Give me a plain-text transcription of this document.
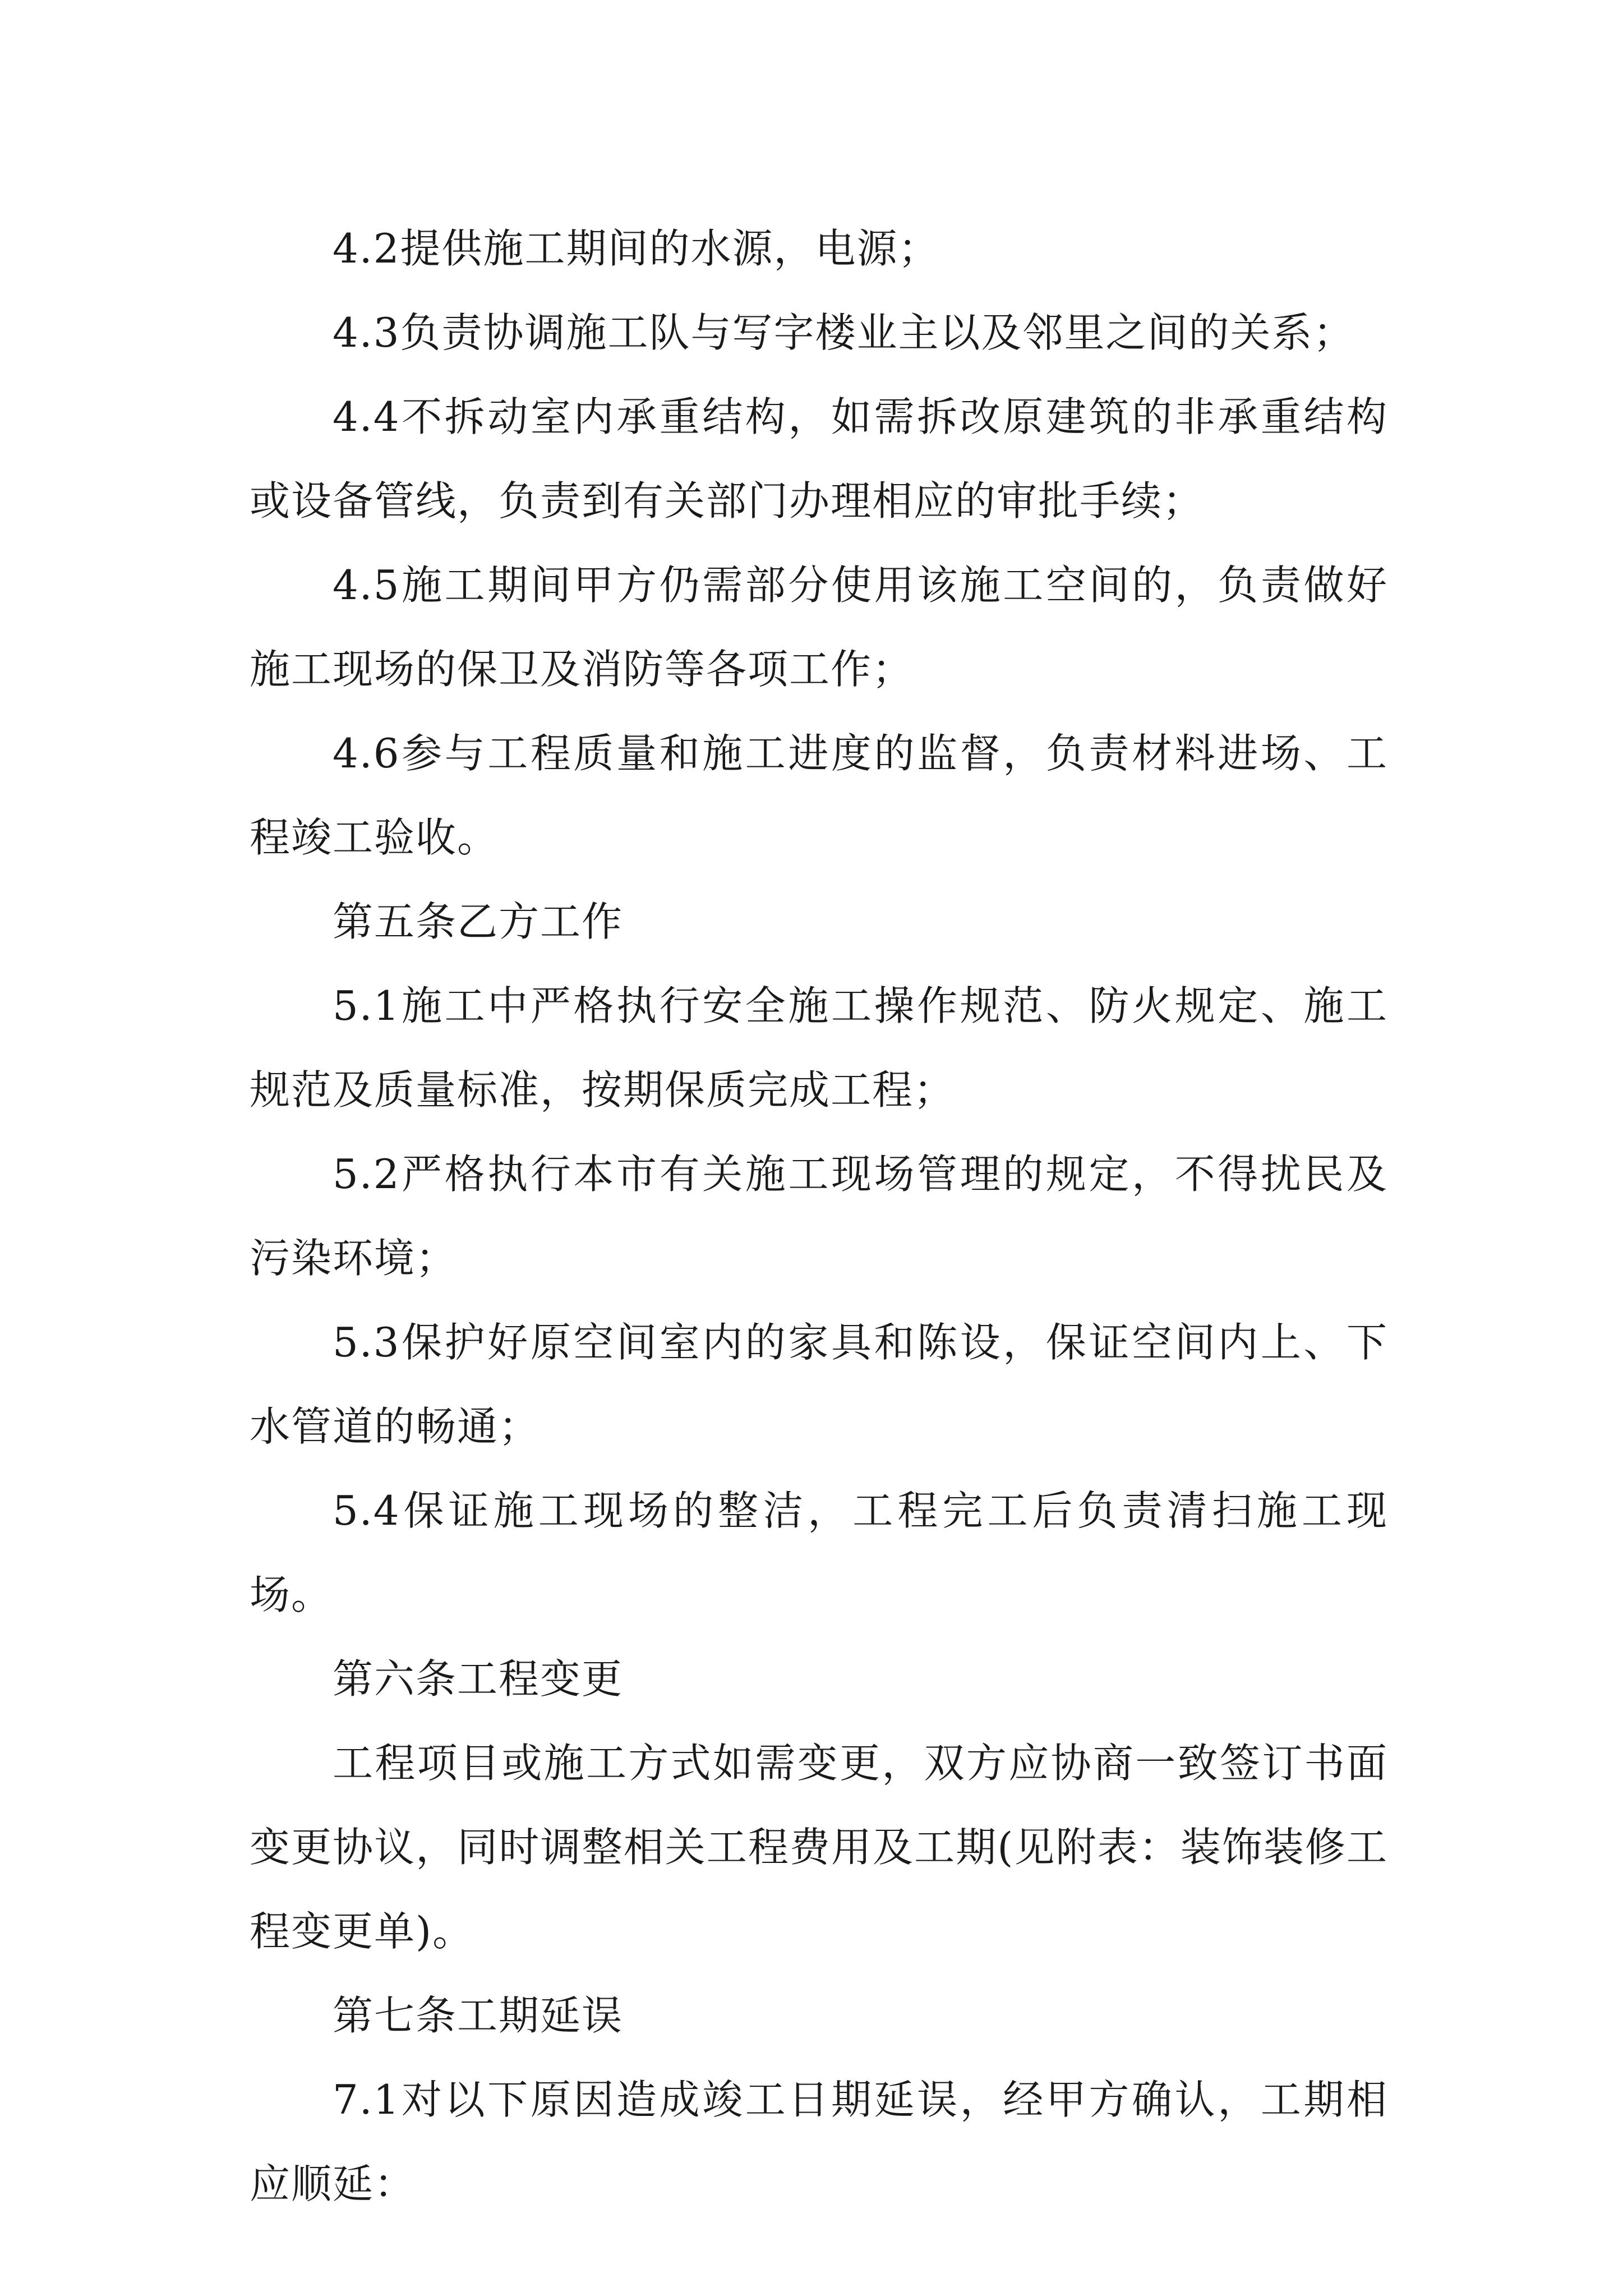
4.2提供施工期间的水源，电源；

4.3负责协调施工队与写字楼业主以及邻里之间的关系；

4.4不拆动室内承重结构，如需拆改原建筑的非承重结构或设备管线，负责到有关部门办理相应的审批手续；

4.5施工期间甲方仍需部分使用该施工空间的，负责做好施工现场的保卫及消防等各项工作；

4.6参与工程质量和施工进度的监督，负责材料进场、工程竣工验收。

第五条乙方工作

5.1施工中严格执行安全施工操作规范、防火规定、施工规范及质量标准，按期保质完成工程；

5.2严格执行本市有关施工现场管理的规定，不得扰民及污染环境；

5.3保护好原空间室内的家具和陈设，保证空间内上、下水管道的畅通；

5.4保证施工现场的整洁，工程完工后负责清扫施工现场。

第六条工程变更

工程项目或施工方式如需变更，双方应协商一致签订书面变更协议，同时调整相关工程费用及工期(见附表：装饰装修工程变更单)。

第七条工期延误

7.1对以下原因造成竣工日期延误，经甲方确认，工期相应顺延：
